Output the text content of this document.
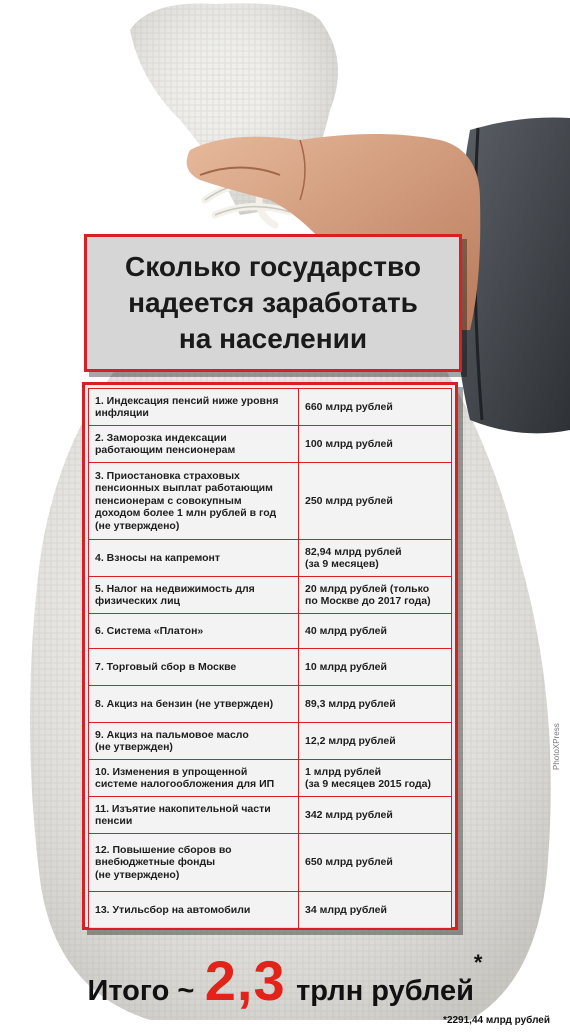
Сколько государство
надеется заработать
на населении
1. Индексация пенсий ниже уровня
инфляции	660 млрд рублей
2. Заморозка индексации
работающим пенсионерам	100 млрд рублей
3. Приостановка страховых
пенсионных выплат работающим
пенсионерам с совокупным
доходом более 1 млн рублей в год
(не утверждено)	250 млрд рублей
4. Взносы на капремонт	82,94 млрд рублей
(за 9 месяцев)
5. Налог на недвижимость для
физических лиц	20 млрд рублей (только
по Москве до 2017 года)
6. Система «Платон»	40 млрд рублей
7. Торговый сбор в Москве	10 млрд рублей
8. Акциз на бензин (не утвержден)	89,3 млрд рублей
9. Акциз на пальмовое масло
(не утвержден)	12,2 млрд рублей
10. Изменения в упрощенной
системе налогообложения для ИП	1 млрд рублей
(за 9 месяцев 2015 года)
11. Изъятие накопительной части
пенсии	342 млрд рублей
12. Повышение сборов во
внебюджетные фонды
(не утверждено)	650 млрд рублей
13. Утильсбор на автомобили	34 млрд рублей
Итого ~ 2,3 трлн рублей*
*2291,44 млрд рублей
PhotoXPress
